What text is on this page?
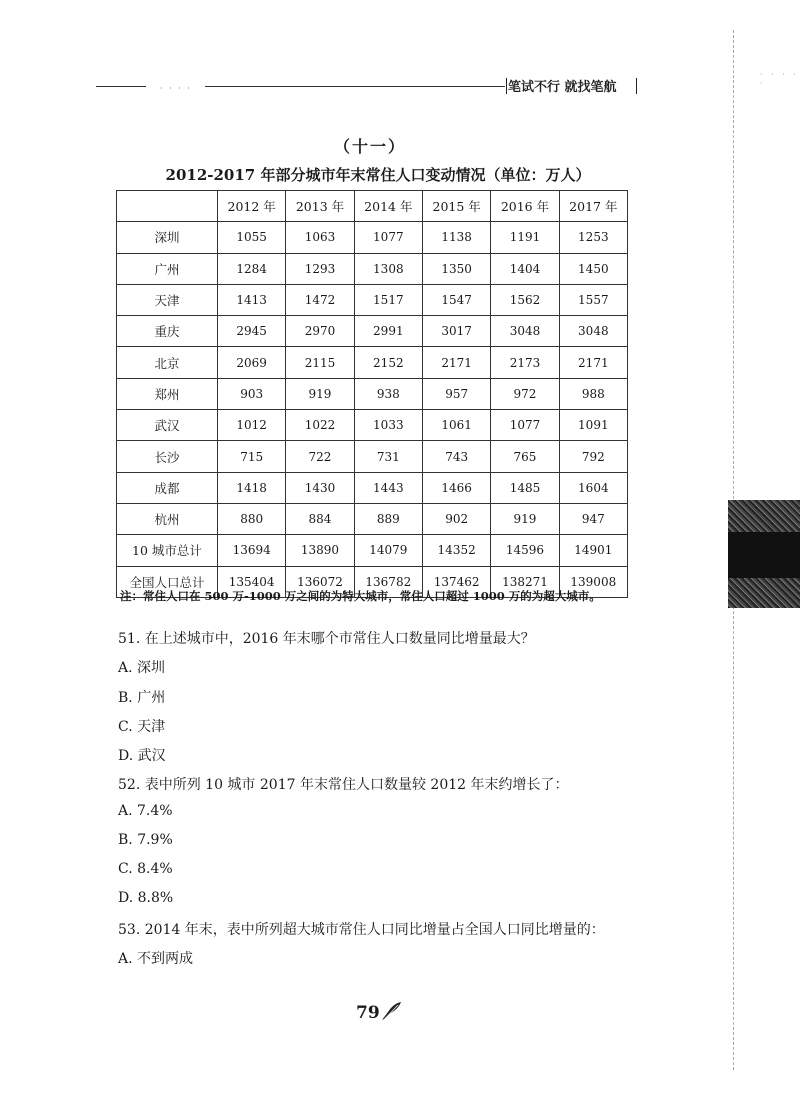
· · · ·	笔试不行 就找笔航
· · · · ·
（十一）
2012-2017 年部分城市年末常住人口变动情况（单位：万人）
	2012 年	2013 年	2014 年	2015 年	2016 年	2017 年
深圳	1055	1063	1077	1138	1191	1253
广州	1284	1293	1308	1350	1404	1450
天津	1413	1472	1517	1547	1562	1557
重庆	2945	2970	2991	3017	3048	3048
北京	2069	2115	2152	2171	2173	2171
郑州	903	919	938	957	972	988
武汉	1012	1022	1033	1061	1077	1091
长沙	715	722	731	743	765	792
成都	1418	1430	1443	1466	1485	1604
杭州	880	884	889	902	919	947
10 城市总计	13694	13890	14079	14352	14596	14901
全国人口总计	135404	136072	136782	137462	138271	139008
注：常住人口在 500 万-1000 万之间的为特大城市，常住人口超过 1000 万的为超大城市。
51. 在上述城市中，2016 年末哪个市常住人口数量同比增量最大？
A. 深圳
B. 广州
C. 天津
D. 武汉
52. 表中所列 10 城市 2017 年末常住人口数量较 2012 年末约增长了：
A. 7.4%
B. 7.9%
C. 8.4%
D. 8.8%
53. 2014 年末，表中所列超大城市常住人口同比增量占全国人口同比增量的：
A. 不到两成
79
